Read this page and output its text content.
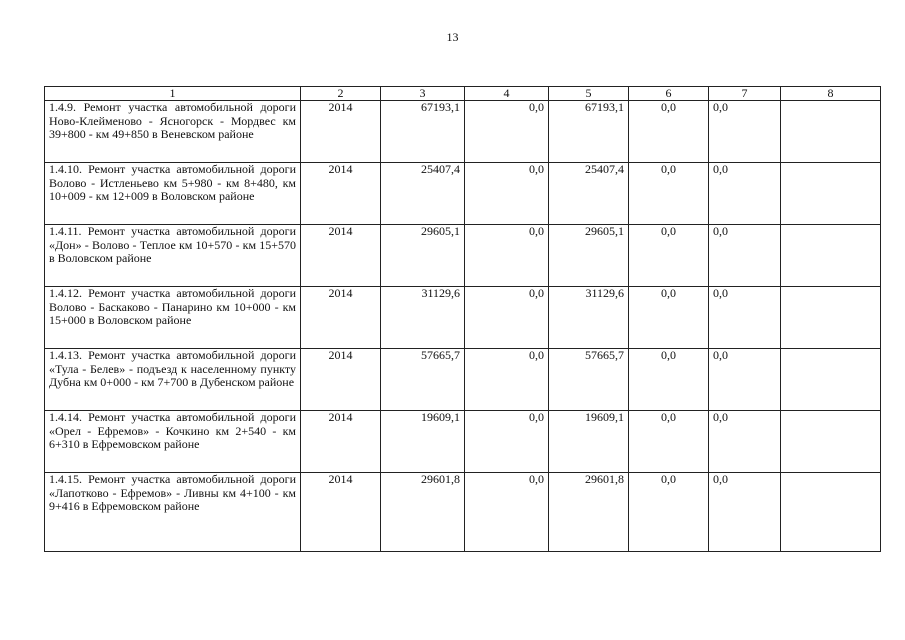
13
1	2	3	4	5	6	7	8
1.4.9. Ремонт участка автомобильной дороги Ново-Клейменово - Ясногорск - Мордвес км 39+800 - км 49+850 в Веневском районе	2014	67193,1	0,0	67193,1	0,0	0,0	
1.4.10. Ремонт участка автомобильной дороги Волово - Истленьево км 5+980 - км 8+480, км 10+009 - км 12+009 в Воловском районе	2014	25407,4	0,0	25407,4	0,0	0,0	
1.4.11. Ремонт участка автомобильной дороги «Дон» - Волово - Теплое км 10+570 - км 15+570 в Воловском районе	2014	29605,1	0,0	29605,1	0,0	0,0	
1.4.12. Ремонт участка автомобильной дороги Волово - Баскаково - Панарино км 10+000 - км 15+000 в Воловском районе	2014	31129,6	0,0	31129,6	0,0	0,0	
1.4.13. Ремонт участка автомобильной дороги «Тула - Белев» - подъезд к населенному пункту Дубна км 0+000 - км 7+700 в Дубенском районе	2014	57665,7	0,0	57665,7	0,0	0,0	
1.4.14. Ремонт участка автомобильной дороги «Орел - Ефремов» - Кочкино км 2+540 - км 6+310 в Ефремовском районе	2014	19609,1	0,0	19609,1	0,0	0,0	
1.4.15. Ремонт участка автомобильной дороги «Лапотково - Ефремов» - Ливны км 4+100 - км 9+416 в Ефремовском районе	2014	29601,8	0,0	29601,8	0,0	0,0	
